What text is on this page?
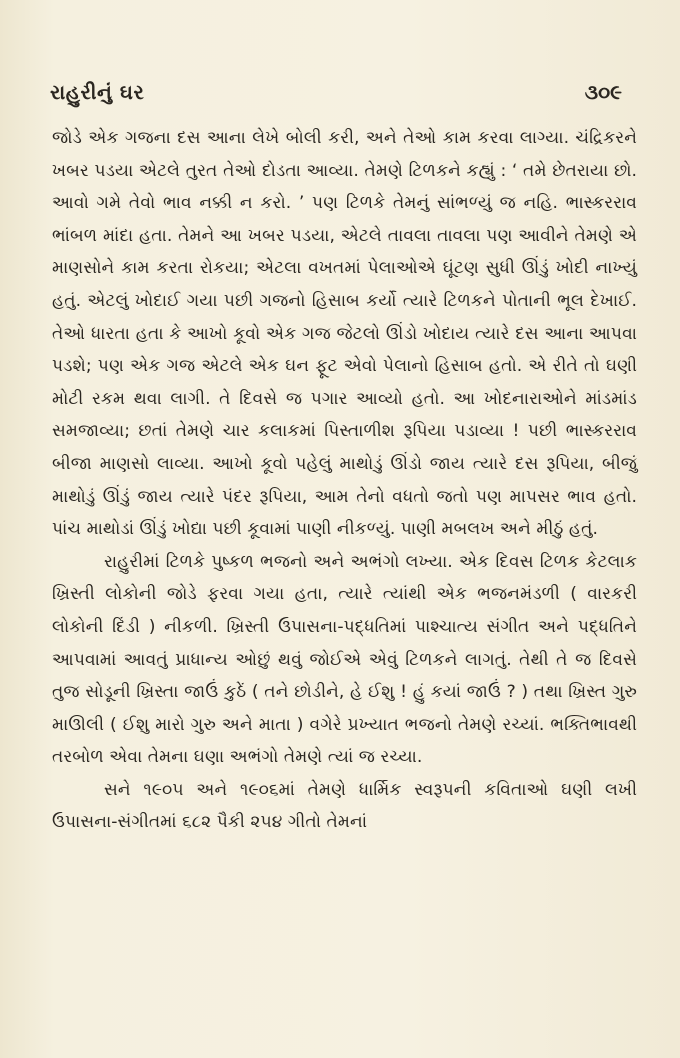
રાહુરીનું ઘર	૩૦૯

જોડે એક ગજના દસ આના લેખે બોલી કરી, અને તેઓ કામ કરવા લાગ્યા. ચંદ્રિકરને ખબર પડયા એટલે તુરત તેઓ દોડતા આવ્યા. તેમણે ટિળકને કહ્યું : ‘ તમે છેતરાયા છો. આવો ગમે તેવો ભાવ નક્કી ન કરો. ’ પણ ટિળકે તેમનું સાંભળ્યું જ નહિ. ભાસ્કરરાવ ભાંબળ માંદા હતા. તેમને આ ખબર પડયા, એટલે તાવલા તાવલા પણ આવીને તેમણે એ માણસોને કામ કરતા રોકયા; એટલા વખતમાં પેલાઓએ ઘૂંટણ સુધી ઊંડું ખોદી નાખ્યું હતું. એટલું ખોદાઈ ગયા પછી ગજનો હિસાબ કર્યો ત્યારે ટિળકને પોતાની ભૂલ દેખાઈ. તેઓ ધારતા હતા કે આખો કૂવો એક ગજ જેટલો ઊંડો ખોદાય ત્યારે દસ આના આપવા પડશે; પણ એક ગજ એટલે એક ઘન ફૂટ એવો પેલાનો હિસાબ હતો. એ રીતે તો ઘણી મોટી રકમ થવા લાગી. તે દિવસે જ પગાર આવ્યો હતો. આ ખોદનારાઓને માંડમાંડ સમજાવ્યા; છતાં તેમણે ચાર કલાકમાં પિસ્તાળીશ રૂપિયા પડાવ્યા ! પછી ભાસ્કરરાવ બીજા માણસો લાવ્યા. આખો કૂવો પહેલું માથોડું ઊંડો જાય ત્યારે દસ રૂપિયા, બીજું માથોડું ઊંડું જાય ત્યારે પંદર રૂપિયા, આમ તેનો વધતો જતો પણ માપસર ભાવ હતો. પાંચ માથોડાં ઊંડું ખોદ્યા પછી કૂવામાં પાણી નીકળ્યું. પાણી મબલખ અને મીઠું હતું.

રાહુરીમાં ટિળકે પુષ્કળ ભજનો અને અભંગો લખ્યા. એક દિવસ ટિળક કેટલાક ખ્રિસ્તી લોકોની જોડે ફરવા ગયા હતા, ત્યારે ત્યાંથી એક ભજનમંડળી ( વારકરી લોકોની દિંડી ) નીકળી. ખ્રિસ્તી ઉપાસના-પદ્ધતિમાં પાશ્ચાત્ય સંગીત અને પદ્ધતિને આપવામાં આવતું પ્રાધાન્ય ઓછું થવું જોઈએ એવું ટિળકને લાગતું. તેથી તે જ દિવસે તુજ સોડૂની ખ્રિસ્તા જાઉં કુઠેં ( તને છોડીને, હે ઈશુ ! હું કયાં જાઉં ? ) તથા ખ્રિસ્ત ગુરુ માઊલી ( ઈશુ મારો ગુરુ અને માતા ) વગેરે પ્રખ્યાત ભજનો તેમણે રચ્યાં. ભક્તિભાવથી તરબોળ એવા તેમના ઘણા અભંગો તેમણે ત્યાં જ રચ્યા.

સને ૧૯૦૫ અને ૧૯૦૬માં તેમણે ધાર્મિક સ્વરૂપની કવિતાઓ ઘણી લખી ઉપાસના-સંગીતમાં ૬૮૨ પૈકી ૨૫૪ ગીતો તેમનાં
